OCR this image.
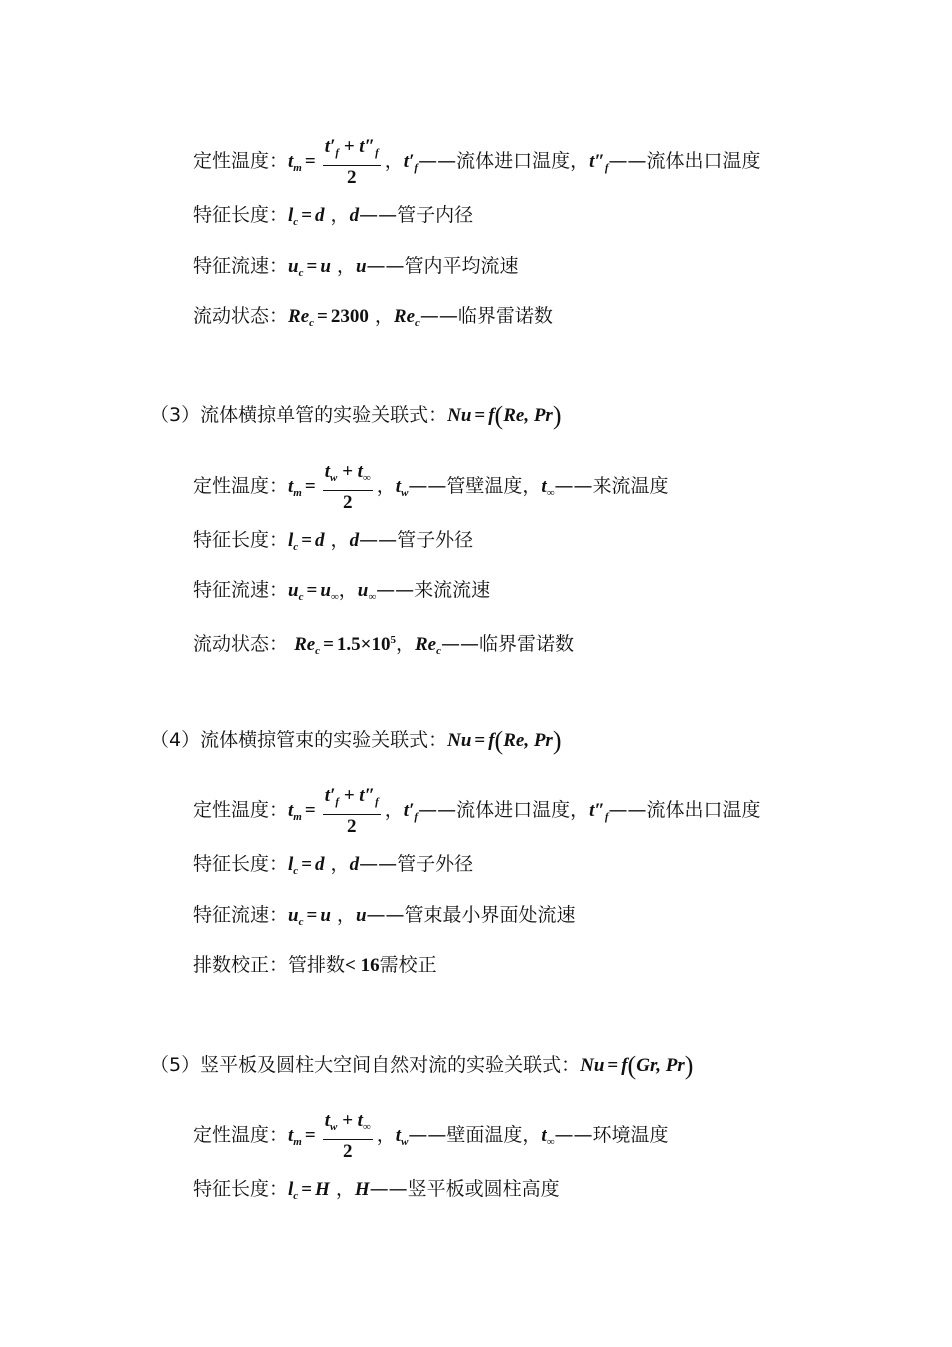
定性温度：$t_m = \frac{t'_f + t''_f}{2}$ ，$t'_f——$流体进口温度，$t''_f——$流体出口温度
特征长度：$l_c = d$ ，d——管子内径
特征流速：$u_c = u$ ，u——管内平均流速
流动状态：$Re_c = 2300$ ，$Re_c——$临界雷诺数
（3）流体横掠单管的实验关联式：Nu = f(Re, Pr)
定性温度：$t_m = \frac{t_w + t_\infty}{2}$ ，$t_w——$管壁温度，$t_\infty——$来流温度
特征长度：$l_c = d$ ，d——管子外径
特征流速：$u_c = u_\infty$，$u_\infty——$来流流速
流动状态： $Re_c = 1.5\times 10^5$，$Re_c——$临界雷诺数
（4）流体横掠管束的实验关联式：Nu = f(Re, Pr)
定性温度：$t_m = \frac{t'_f + t''_f}{2}$ ，$t'_f——$流体进口温度，$t''_f——$流体出口温度
特征长度：$l_c = d$ ，d——管子外径
特征流速：$u_c = u$ ，u——管束最小界面处流速
排数校正：管排数< 16需校正
（5）竖平板及圆柱大空间自然对流的实验关联式：Nu = f(Gr, Pr)
定性温度：$t_m = \frac{t_w + t_\infty}{2}$ ，$t_w——$壁面温度，$t_\infty——$环境温度
特征长度：$l_c = H$ ，H——竖平板或圆柱高度
